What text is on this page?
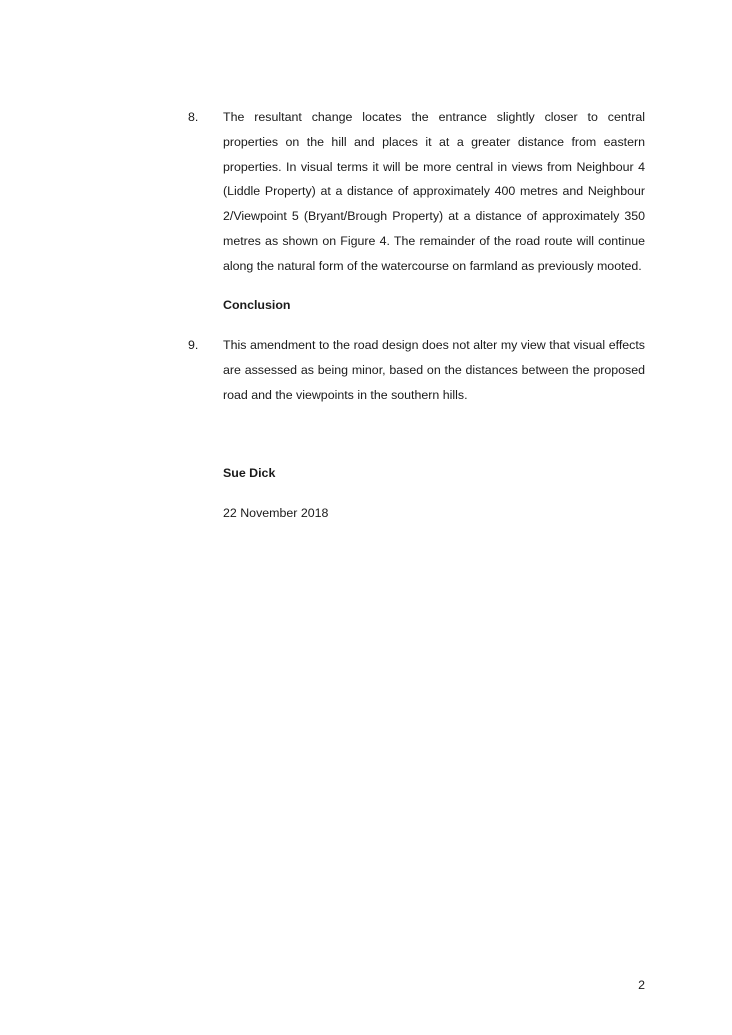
8.	The resultant change locates the entrance slightly closer to central properties on the hill and places it at a greater distance from eastern properties. In visual terms it will be more central in views from Neighbour 4 (Liddle Property) at a distance of approximately 400 metres and Neighbour 2/Viewpoint 5 (Bryant/Brough Property) at a distance of approximately 350 metres as shown on Figure 4. The remainder of the road route will continue along the natural form of the watercourse on farmland as previously mooted.
Conclusion
9.	This amendment to the road design does not alter my view that visual effects are assessed as being minor, based on the distances between the proposed road and the viewpoints in the southern hills.
Sue Dick
22 November 2018
2
